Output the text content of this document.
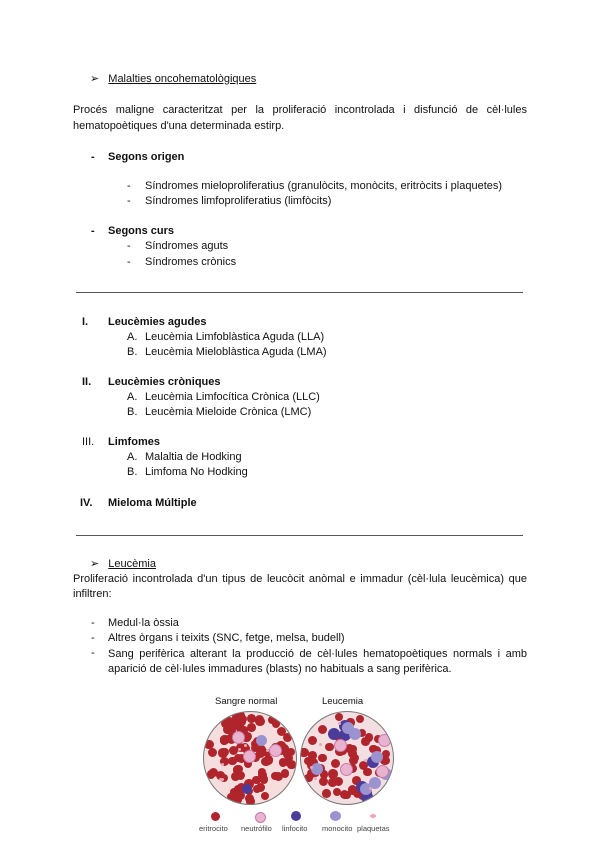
➢ Malalties oncohematològiques
Procés maligne caracteritzat per la proliferació incontrolada i disfunció de cèl·lules hematopoètiques d'una determinada estirp.
- Segons origen
- Síndromes mieloproliferatius (granulòcits, monòcits, eritròcits i plaquetes)
- Síndromes limfoproliferatius (limfòcits)
- Segons curs
- Síndromes aguts
- Síndromes crònics
I. Leucèmies agudes
A. Leucèmia Limfoblàstica Aguda (LLA)
B. Leucèmia Mieloblàstica Aguda (LMA)
II. Leucèmies cròniques
A. Leucèmia Limfocítica Crònica (LLC)
B. Leucèmia Mieloide Crònica (LMC)
III. Limfomes
A. Malaltia de Hodking
B. Limfoma No Hodking
IV. Mieloma Múltiple
➢ Leucèmia
Proliferació incontrolada d'un tipus de leucòcit anòmal e immadur (cèl·lula leucèmica) que infiltren:
- Medul·la òssia
- Altres òrgans i teixits (SNC, fetge, melsa, budell)
- Sang perifèrica alterant la producció de cèl·lules hematopoètiques normals i amb aparició de cèl·lules immadures (blasts) no habituals a sang perifèrica.
Sangre normal	Leucemia
eritrocito neutrófilo linfocito monocito plaquetas
